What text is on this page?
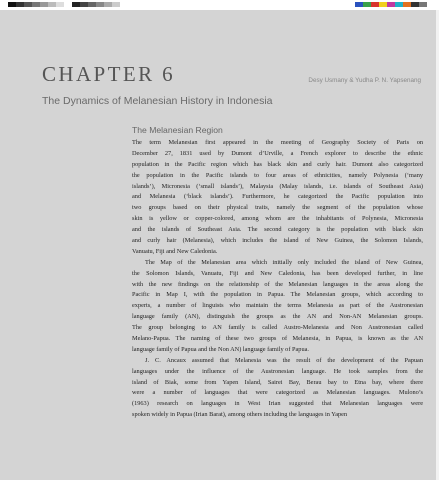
CHAPTER 6	Desy Usmany & Yudha P. N. Yapsenang
The Dynamics of Melanesian History in Indonesia
The Melanesian Region
The term Melanesian first appeared in the meeting of Geography Society of Paris on
December 27, 1831 used by Dumont d’Urville, a French explorer to describe the ethnic
population in the Pacific region which has black skin and curly hair. Dumont also categorized
the population in the Pacific islands to four areas of ethnicities, namely Polynesia (‘many
islands’), Micronesia (‘small islands’), Malaysia (Malay islands, i.e. islands of Southeast Asia)
and Melanesia (‘black islands’). Furthermore, he categorized the Pacific population into
two groups based on their physical traits, namely the segment of the population whose
skin is yellow or copper-colored, among whom are the inhabitants of Polynesia, Micronesia
and the islands of Southeast Asia. The second category is the population with black skin
and curly hair (Melanesia), which includes the island of New Guinea, the Solomon Islands,
Vanuatu, Fiji and New Caledonia.
The Map of the Melanesian area which initially only included the island of New Guinea,
the Solomon Islands, Vanuatu, Fiji and New Caledonia, has been developed further, in line
with the new findings on the relationship of the Melanesian languages in the areas along the
Pacific in Map I, with the population in Papua. The Melanesian groups, which according to
experts, a number of linguists who maintain the terms Melanesia as part of the Austronesian
language family (AN), distinguish the groups as the AN and Non-AN Melanesian groups.
The group belonging to AN family is called Austro-Melanesia and Non Austronesian called
Melano-Papua. The naming of these two groups of Melanesia, in Papua, is known as the AN
language family of Papua and the Non AN) language family of Papua.
J. C. Ancaux assumed that Melanesia was the result of the development of the Papuan
languages under the influence of the Austronesian language. He took samples from the
island of Biak, some from Yapen Island, Sairei Bay, Berau bay to Etna bay, where there
were a number of languages that were categorized as Melanesian languages. Mulono’s
(1963) research on languages in West Irian suggested that Melanesian languages were
spoken widely in Papua (Irian Barat), among others including the languages in Yapen
